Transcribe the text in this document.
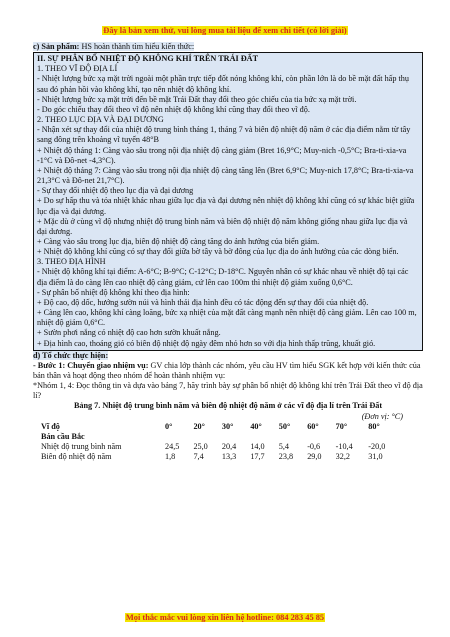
Đây là bản xem thử, vui lòng mua tài liệu để xem chi tiết (có lời giải)
c) Sản phẩm: HS hoàn thành tìm hiểu kiến thức:
II. SỰ PHÂN BỐ NHIỆT ĐỘ KHÔNG KHÍ TRÊN TRÁI ĐẤT
1. THEO VĨ ĐỘ ĐỊA LÍ
- Nhiệt lượng bức xạ mặt trời ngoài một phần trực tiếp đốt nóng không khí, còn phần lớn là do bề mặt đất hấp thụ sau đó phản hồi vào không khí, tạo nên nhiệt độ không khí.
- Nhiệt lượng bức xạ mặt trời đến bề mặt Trái Đất thay đổi theo góc chiếu của tia bức xạ mặt trời.
- Do góc chiếu thay đổi theo vĩ độ nên nhiệt độ không khí cũng thay đổi theo vĩ độ.
2. THEO LỤC ĐỊA VÀ ĐẠI DƯƠNG
- Nhận xét sự thay đổi của nhiệt độ trung bình tháng 1, tháng 7 và biên độ nhiệt độ năm ở các địa điểm nằm từ tây sang đông trên khoảng vĩ tuyến 48°B
+ Nhiệt độ tháng 1: Càng vào sâu trong nội địa nhiệt độ càng giảm (Bret 16,9°C; Muy-nich -0,5°C; Bra-ti-xia-va -1°C và Đô-net -4,3°C).
+ Nhiệt độ tháng 7: Càng vào sâu trong nội địa nhiệt độ càng tăng lên (Bret 6,9°C; Muy-nich 17,8°C; Bra-ti-xia-va 21,3°C và Đô-net 21,7°C).
- Sự thay đổi nhiệt độ theo lục địa và đại dương
+ Do sự hấp thu và tỏa nhiệt khác nhau giữa lục địa và đại dương nên nhiệt độ không khí cũng có sự khác biệt giữa lục địa và đại dương.
+ Mặc dù ở cùng vĩ độ nhưng nhiệt độ trung bình năm và biên độ nhiệt độ năm không giống nhau giữa lục địa và đại dương.
+ Càng vào sâu trong lục địa, biên độ nhiệt độ càng tăng do ảnh hưởng của biển giảm.
+ Nhiệt độ không khí cũng có sự thay đổi giữa bờ tây và bờ đông của lục địa do ảnh hưởng của các dòng biển.
3. THEO ĐỊA HÌNH
- Nhiệt độ không khí tại điểm: A-6°C; B-9°C; C-12°C; D-18°C. Nguyên nhân có sự khác nhau về nhiệt độ tại các địa điểm là do càng lên cao nhiệt độ càng giảm, cứ lên cao 100m thì nhiệt độ giảm xuống 0,6°C.
- Sự phân bố nhiệt độ không khí theo địa hình:
+ Độ cao, độ dốc, hướng sườn núi và hình thái địa hình đều có tác động đến sự thay đổi của nhiệt độ.
+ Càng lên cao, không khí càng loãng, bức xạ nhiệt của mặt đất càng mạnh nên nhiệt độ càng giảm. Lên cao 100 m, nhiệt độ giảm 0,6°C.
+ Sườn phơi nắng có nhiệt độ cao hơn sườn khuất nắng.
+ Địa hình cao, thoáng gió có biên độ nhiệt độ ngày đêm nhỏ hơn so với địa hình thấp trũng, khuất gió.
d) Tổ chức thực hiện:
- Bước 1: Chuyển giao nhiệm vụ: GV chia lớp thành các nhóm, yêu cầu HV tìm hiểu SGK kết hợp với kiến thức của bản thân và hoạt động theo nhóm để hoàn thành nhiệm vụ:
*Nhóm 1, 4: Đọc thông tin và dựa vào bảng 7, hãy trình bày sự phân bố nhiệt độ không khí trên Trái Đất theo vĩ độ địa lí?
Bảng 7. Nhiệt độ trung bình năm và biên độ nhiệt độ năm ở các vĩ độ địa lí trên Trái Đất
(Đơn vị: °C)
Vĩ độ	0°	20°	30°	40°	50°	60°	70°	80°
Bán cầu Bắc								
Nhiệt độ trung bình năm	24,5	25,0	20,4	14,0	5,4	-0,6	-10,4	-20,0
Biên độ nhiệt độ năm	1,8	7,4	13,3	17,7	23,8	29,0	32,2	31,0
Mọi thắc mắc vui lòng xin liên hệ hotline: 084 283 45 85
